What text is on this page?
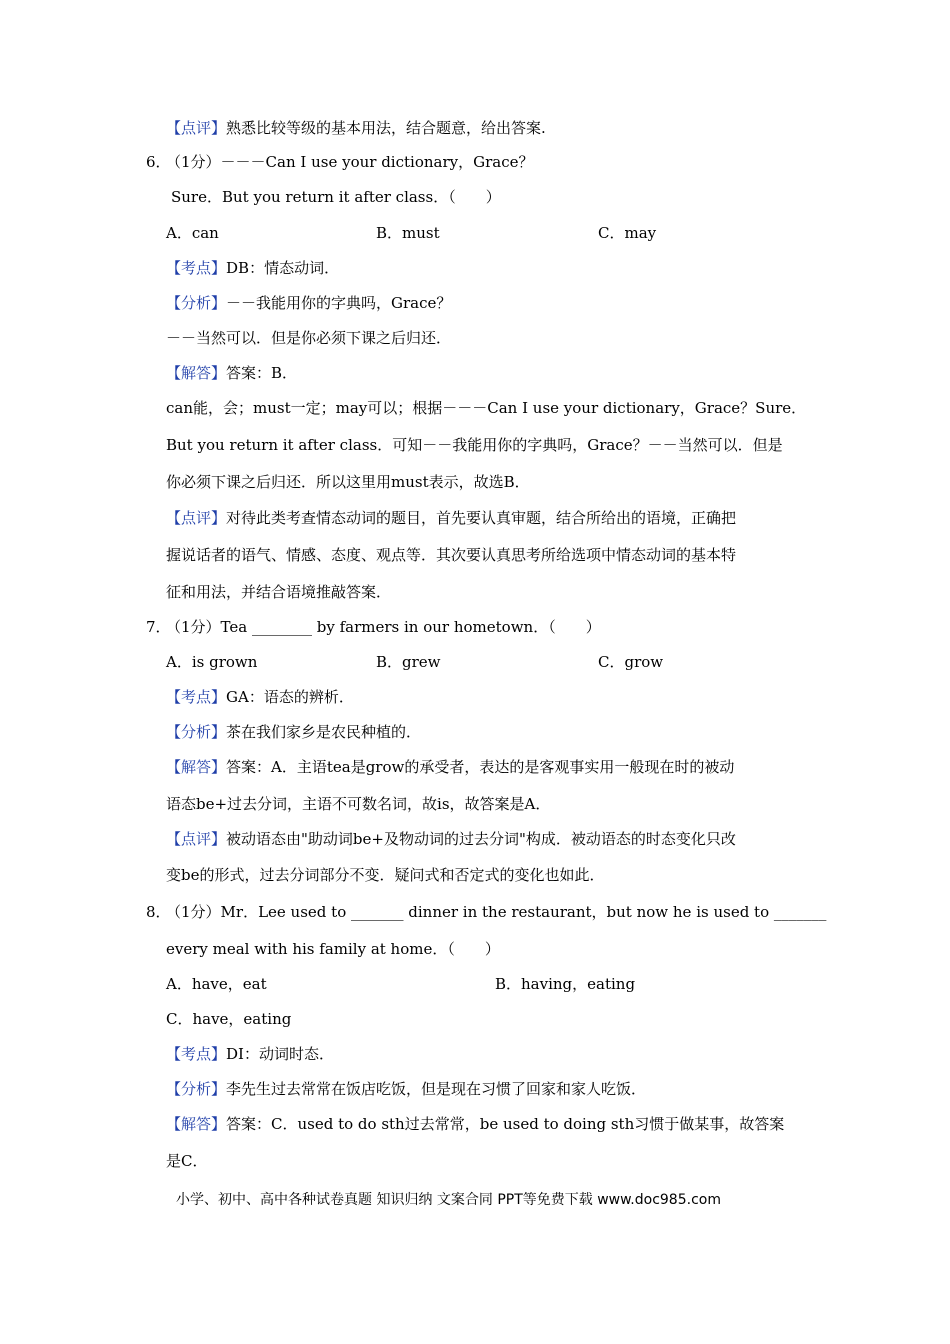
【点评】熟悉比较等级的基本用法，结合题意，给出答案.
6．
（1分）－－－Can I use your dictionary，Grace？
Sure．But you return it after class．（　　）
A．can	B．must	C．may
【考点】DB：情态动词．
【分析】－－我能用你的字典吗，Grace？
－－当然可以．但是你必须下课之后归还．
【解答】答案：B．
can能，会；must一定；may可以；根据－－－Can I use your dictionary，Grace？Sure．
But you return it after class．可知－－我能用你的字典吗，Grace？－－当然可以．但是
你必须下课之后归还．所以这里用must表示，故选B．
【点评】对待此类考查情态动词的题目，首先要认真审题，结合所给出的语境，正确把
握说话者的语气、情感、态度、观点等．其次要认真思考所给选项中情态动词的基本特
征和用法，并结合语境推敲答案．
7．
（1分）Tea ________ by farmers in our hometown．（　　）
A．is grown	B．grew	C．grow
【考点】GA：语态的辨析．
【分析】茶在我们家乡是农民种植的．
【解答】答案：A．主语tea是grow的承受者，表达的是客观事实用一般现在时的被动
语态be+过去分词，主语不可数名词，故is，故答案是A．
【点评】被动语态由"助动词be+及物动词的过去分词"构成．被动语态的时态变化只改
变be的形式，过去分词部分不变．疑问式和否定式的变化也如此．
8．
（1分）Mr．Lee used to _______ dinner in the restaurant，but now he is used to _______
every meal with his family at home．（　　）
A．have，eat	B．having，eating
C．have，eating
【考点】DI：动词时态．
【分析】李先生过去常常在饭店吃饭，但是现在习惯了回家和家人吃饭．
【解答】答案：C．used to do sth过去常常，be used to doing sth习惯于做某事，故答案
是C．
小学、初中、高中各种试卷真题 知识归纳 文案合同 PPT等免费下载 www.doc985.com
